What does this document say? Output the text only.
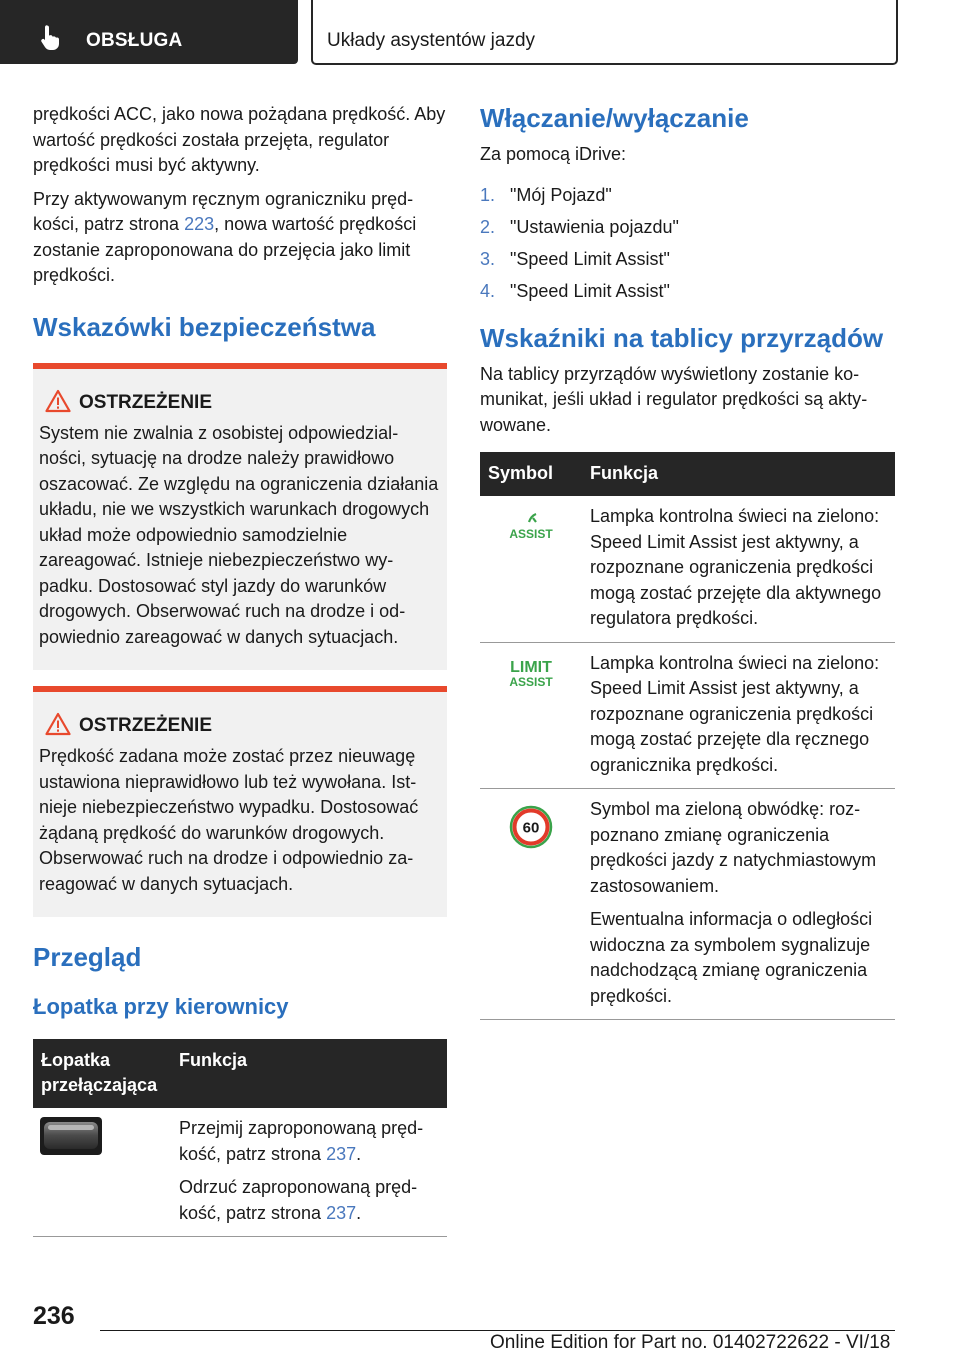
OBSŁUGA	Układy asystentów jazdy

prędkości ACC, jako nowa pożądana prędkość. Aby wartość prędkości została przejęta, regulator prędkości musi być aktywny.

Przy aktywowanym ręcznym ograniczniku prędkości, patrz strona 223, nowa wartość prędkości zostanie zaproponowana do przejęcia jako limit prędkości.

Wskazówki bezpieczeństwa
OSTRZEŻENIE
System nie zwalnia z osobistej odpowiedzialności, sytuację na drodze należy prawidłowo oszacować. Ze względu na ograniczenia działania układu, nie we wszystkich warunkach drogowych układ może odpowiednio samodzielnie zareagować. Istnieje niebezpieczeństwo wypadku. Dostosować styl jazdy do warunków drogowych. Obserwować ruch na drodze i odpowiednio zareagować w danych sytuacjach.
OSTRZEŻENIE
Prędkość zadana może zostać przez nieuwagę ustawiona nieprawidłowo lub też wywołana. Istnieje niebezpieczeństwo wypadku. Dostosować żądaną prędkość do warunków drogowych. Obserwować ruch na drodze i odpowiednio zareagować w danych sytuacjach.
Przegląd
Łopatka przy kierownicy
Łopatka przełączająca	Funkcja

Przejmij zaproponowaną prędkość, patrz strona 237.

Odrzuć zaproponowaną prędkość, patrz strona 237.

Włączanie/wyłączanie

Za pomocą iDrive:

1. "Mój Pojazd"
2. "Ustawienia pojazdu"
3. "Speed Limit Assist"
4. "Speed Limit Assist"
Wskaźniki na tablicy przyrządów

Na tablicy przyrządów wyświetlony zostanie komunikat, jeśli układ i regulator prędkości są aktywowane.

Symbol	Funkcja

ASSIST	Lampka kontrolna świeci na zielono: Speed Limit Assist jest aktywny, a rozpoznane ograniczenia prędkości mogą zostać przejęte dla aktywnego regulatora prędkości.

LIMIT
ASSIST	Lampka kontrolna świeci na zielono: Speed Limit Assist jest aktywny, a rozpoznane ograniczenia prędkości mogą zostać przejęte dla ręcznego ogranicznika prędkości.

60	Symbol ma zieloną obwódkę: rozpoznano zmianę ograniczenia prędkości jazdy z natychmiastowym zastosowaniem.

Ewentualna informacja o odległości widoczna za symbolem sygnalizuje nadchodzącą zmianę ograniczenia prędkości.

236
Online Edition for Part no. 01402722622 - VI/18
